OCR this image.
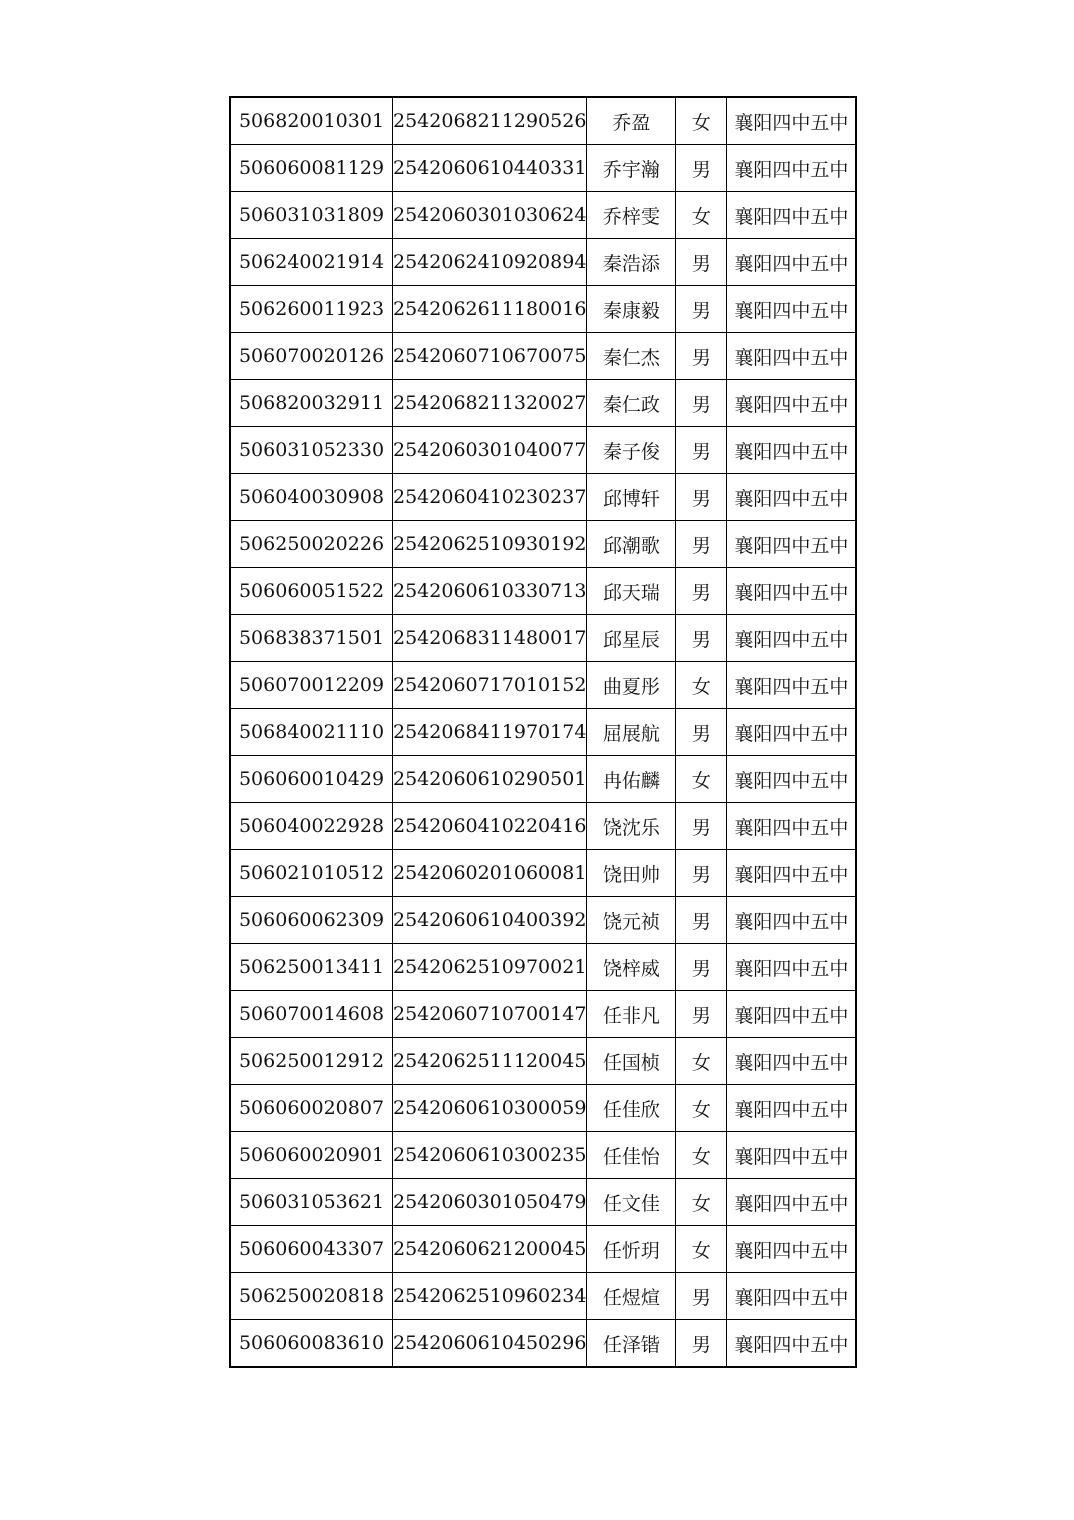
506820010301	2542068211290526	乔盈	女	襄阳四中五中
506060081129	2542060610440331	乔宇瀚	男	襄阳四中五中
506031031809	2542060301030624	乔梓雯	女	襄阳四中五中
506240021914	2542062410920894	秦浩添	男	襄阳四中五中
506260011923	2542062611180016	秦康毅	男	襄阳四中五中
506070020126	2542060710670075	秦仁杰	男	襄阳四中五中
506820032911	2542068211320027	秦仁政	男	襄阳四中五中
506031052330	2542060301040077	秦子俊	男	襄阳四中五中
506040030908	2542060410230237	邱博轩	男	襄阳四中五中
506250020226	2542062510930192	邱潮歌	男	襄阳四中五中
506060051522	2542060610330713	邱天瑞	男	襄阳四中五中
506838371501	2542068311480017	邱星辰	男	襄阳四中五中
506070012209	2542060717010152	曲夏彤	女	襄阳四中五中
506840021110	2542068411970174	屈展航	男	襄阳四中五中
506060010429	2542060610290501	冉佑麟	女	襄阳四中五中
506040022928	2542060410220416	饶沈乐	男	襄阳四中五中
506021010512	2542060201060081	饶田帅	男	襄阳四中五中
506060062309	2542060610400392	饶元祯	男	襄阳四中五中
506250013411	2542062510970021	饶梓威	男	襄阳四中五中
506070014608	2542060710700147	任非凡	男	襄阳四中五中
506250012912	2542062511120045	任国桢	女	襄阳四中五中
506060020807	2542060610300059	任佳欣	女	襄阳四中五中
506060020901	2542060610300235	任佳怡	女	襄阳四中五中
506031053621	2542060301050479	任文佳	女	襄阳四中五中
506060043307	2542060621200045	任忻玥	女	襄阳四中五中
506250020818	2542062510960234	任煜煊	男	襄阳四中五中
506060083610	2542060610450296	任泽锴	男	襄阳四中五中
